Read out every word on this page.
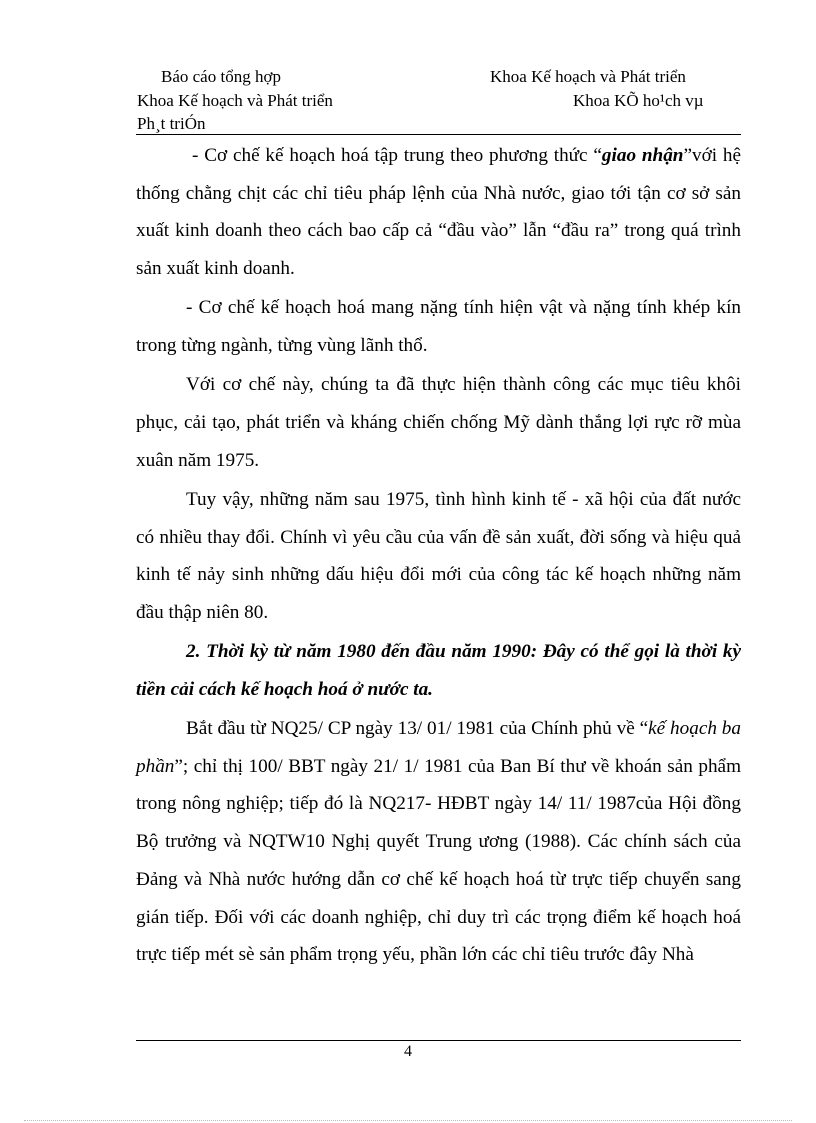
Báo cáo tổng hợp	Khoa Kế hoạch và Phát triển
Khoa Kế hoạch và Phát triển	Khoa KÕ ho¹ch vµ
Ph¸t triÓn

- Cơ chế kế hoạch hoá tập trung theo phương thức “giao nhận”với hệ thống chằng chịt các chỉ tiêu pháp lệnh của Nhà nước, giao tới tận cơ sở sản xuất kinh doanh theo cách bao cấp cả “đầu vào” lẫn “đầu ra” trong quá trình sản xuất kinh doanh.

- Cơ chế kế hoạch hoá mang nặng tính hiện vật và nặng tính khép kín trong từng ngành, từng vùng lãnh thổ.

Với cơ chế này, chúng ta đã thực hiện thành công các mục tiêu khôi phục, cải tạo, phát triển và kháng chiến chống Mỹ dành thắng lợi rực rỡ mùa xuân năm 1975.

Tuy vậy, những năm sau 1975, tình hình kinh tế - xã hội của đất nước có nhiều thay đổi. Chính vì yêu cầu của vấn đề sản xuất, đời sống và hiệu quả kinh tế nảy sinh những dấu hiệu đổi mới của công tác kế hoạch những năm đầu thập niên 80.

2. Thời kỳ từ năm 1980 đến đầu năm 1990: Đây có thể gọi là thời kỳ tiền cải cách kế hoạch hoá ở nước ta.

Bắt đầu từ NQ25/ CP ngày 13/ 01/ 1981 của Chính phủ về “kế hoạch ba phần”; chỉ thị 100/ BBT ngày 21/ 1/ 1981 của Ban Bí thư về khoán sản phẩm trong nông nghiệp; tiếp đó là NQ217- HĐBT ngày 14/ 11/ 1987của Hội đồng Bộ trưởng và NQTW10 Nghị quyết Trung ương (1988). Các chính sách của Đảng và Nhà nước hướng dẫn cơ chế kế hoạch hoá từ trực tiếp chuyển sang gián tiếp. Đối với các doanh nghiệp, chỉ duy trì các trọng điểm kế hoạch hoá trực tiếp mét sè sản phẩm trọng yếu, phần lớn các chỉ tiêu trước đây Nhà

4
